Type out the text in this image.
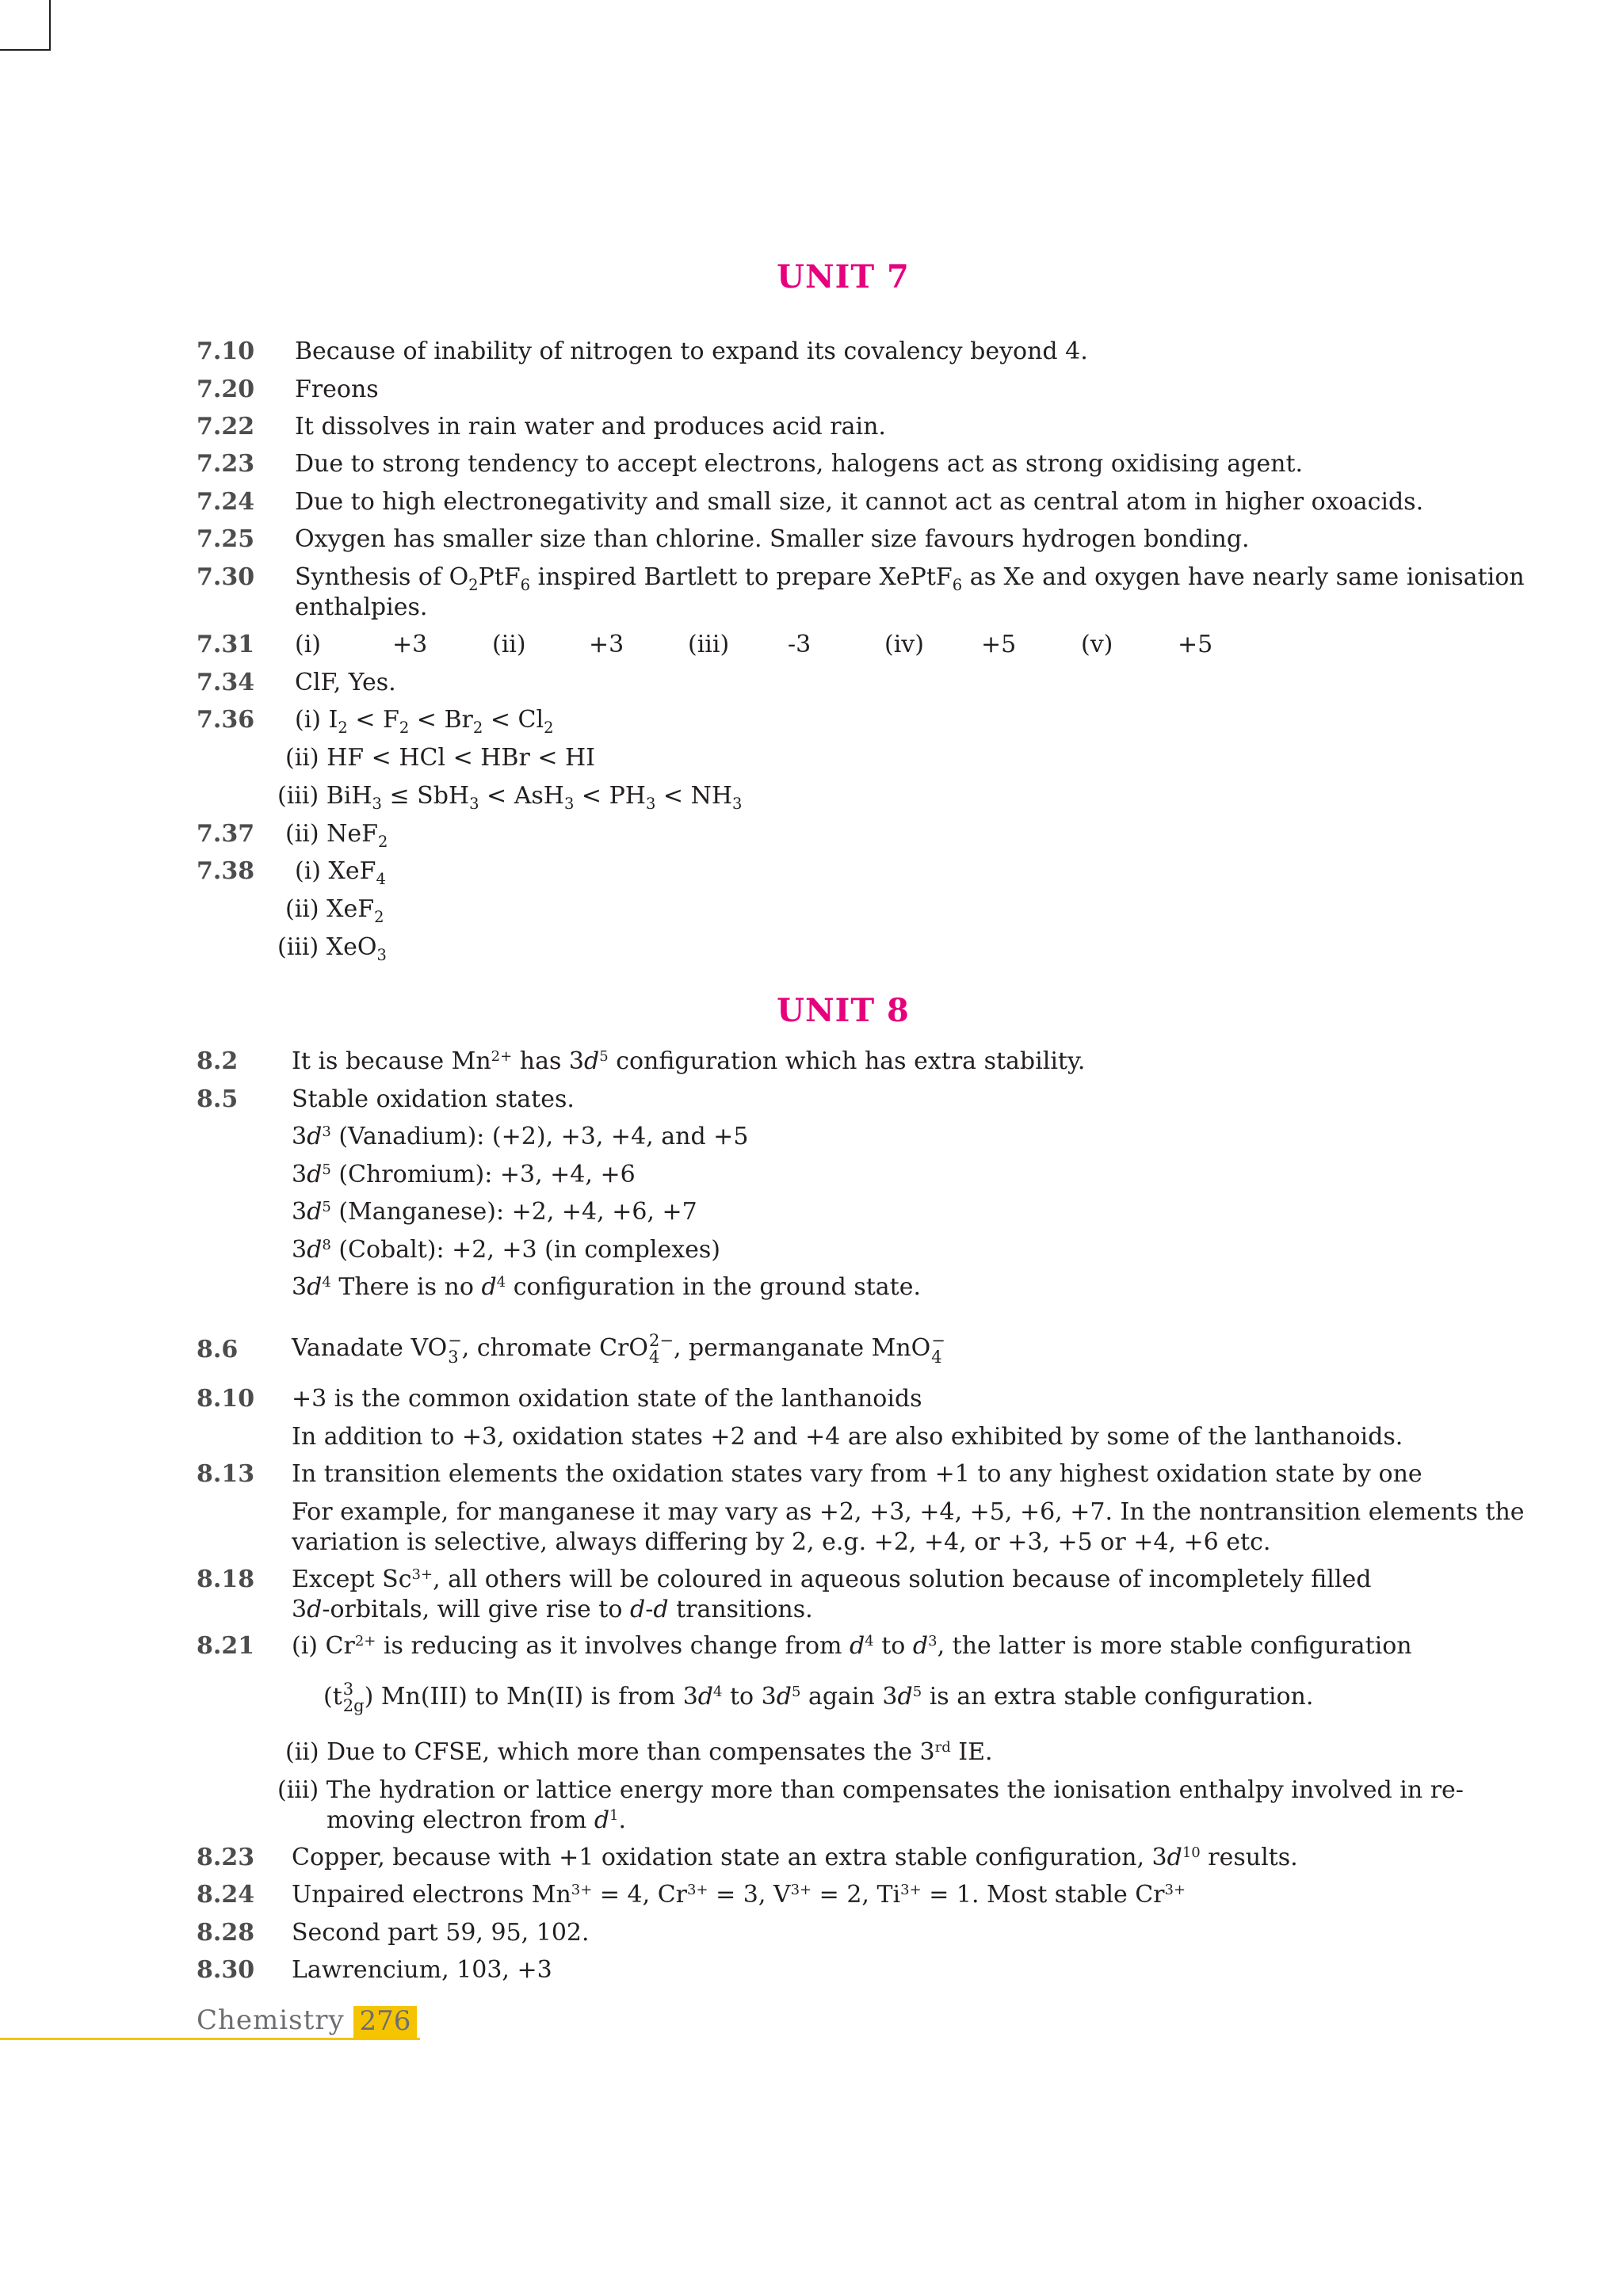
UNIT 7
7.10 Because of inability of nitrogen to expand its covalency beyond 4.
7.20 Freons
7.22 It dissolves in rain water and produces acid rain.
7.23 Due to strong tendency to accept electrons, halogens act as strong oxidising agent.
7.24 Due to high electronegativity and small size, it cannot act as central atom in higher oxoacids.
7.25 Oxygen has smaller size than chlorine. Smaller size favours hydrogen bonding.
7.30 Synthesis of $O_2PtF_6$ inspired Bartlett to prepare XePtF$_6$ as Xe and oxygen have nearly same ionisation
enthalpies.
7.31 (i)	+3	(ii)	+3	(iii) -3	(iv) +5	(v)	+5
7.34 ClF, Yes.
7.36 (i) $I_2 < F_2 < Br_2 < Cl_2$
(ii) HF < HCl < HBr < HI
(iii) $BiH_3 \le SbH_3 < AsH_3 < PH_3 < NH_3$
7.37 (ii) NeF$_2$
7.38 (i) XeF$_4$
(ii) XeF$_2$
(iii) XeO$_3$
UNIT 8
8.2 It is because $Mn^{2+}$ has $3d^5$ configuration which has extra stability.
8.5 Stable oxidation states.
$3d^3$ (Vanadium): (+2), +3, +4, and +5
$3d^5$ (Chromium): +3, +4, +6
$3d^5$ (Manganese): +2, +4, +6, +7
$3d^8$ (Cobalt): +2, +3 (in complexes)
$3d^4$ There is no $d^4$ configuration in the ground state.
8.6 Vanadate VO −
3 , chromate CrO 2−
4 , permanganate MnO −
4
8.10 +3 is the common oxidation state of the lanthanoids
In addition to +3, oxidation states +2 and +4 are also exhibited by some of the lanthanoids.
8.13 In transition elements the oxidation states vary from +1 to any highest oxidation state by one
For example, for manganese it may vary as +2, +3, +4, +5, +6, +7. In the nontransition elements the
variation is selective, always differing by 2, e.g. +2, +4, or +3, +5 or +4, +6 etc.
8.18 Except $Sc^{3+}$, all others will be coloured in aqueous solution because of incompletely filled
3d-orbitals, will give rise to d-d transitions.
8.21 (i) $Cr^{2+}$ is reducing as it involves change from $d^4$ to $d^3$, the latter is more stable configuration
(t 3
2g ) Mn(III) to Mn(II) is from $3d^4$ to $3d^5$ again $3d^5$ is an extra stable configuration.
(ii) Due to CFSE, which more than compensates the 3rd IE.
(iii) The hydration or lattice energy more than compensates the ionisation enthalpy involved in re-
moving electron from $d^1$.
8.23 Copper, because with +1 oxidation state an extra stable configuration, $3d^{10}$ results.
8.24 Unpaired electrons $Mn^{3+} = 4$, $Cr^{3+} = 3$, $V^{3+} = 2$, $Ti^{3+} = 1$. Most stable $Cr^{3+}$
8.28 Second part 59, 95, 102.
8.30 Lawrencium, 103, +3
Chemistry 276
